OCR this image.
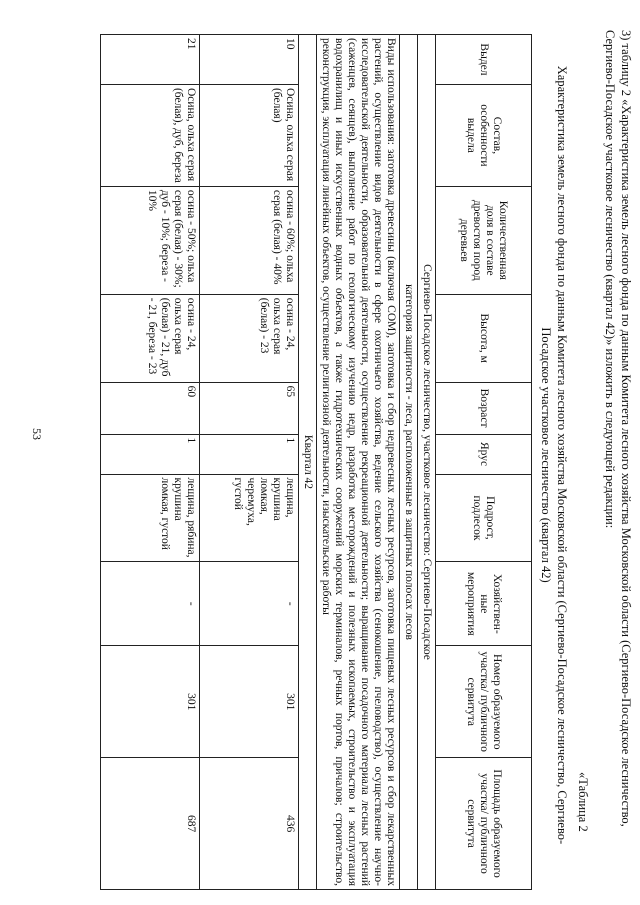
53	3) таблицу 2 «Характеристика земель лесного фонда по данным Комитета лесного хозяйства Московской области (Сергиево-Посадское лесничество, Сергиево-Посадское участковое лесничество (квартал 42)» изложить в следующей редакции:
«Таблица 2
Характеристика земель лесного фонда по данным Комитета лесного хозяйства Московской области (Сергиево-Посадское лесничество, Сергиево-Посадское участковое лесничество (квартал 42)
Выдел	Состав, особенности выдела	Количественная доля в составе древостоя пород деревьев	Высота, м	Возраст	Ярус	Подрост, подлесок	Хозяйствен-ные мероприятия	Номер образуемого участка/ публичного сервитута	Площадь образуемого участка/ публичного сервитута
Сергиево-Посадское лесничество, участковое лесничество: Сергиево-Посадское									
категория защитности - леса, расположенные в защитных полосах лесов									
Виды использования: заготовка древесины (включая СОМ), заготовка и сбор недревесных лесных ресурсов, заготовка пищевых лесных ресурсов и сбор лекарственных растений, осуществление видов деятельности в сфере охотничьего хозяйства, ведение сельского хозяйства (сенокошение, пчеловодство), осуществление научно-исследовательской деятельности, образовательной деятельности, осуществление рекреационной деятельности; выращивание посадочного материала лесных растений (саженцев, сеянцев), выполнение работ по геологическому изучению недр, разработка месторождений и полезных ископаемых, строительство и эксплуатация водохранилищ и иных искусственных водных объектов, а также гидротехнических сооружений морских терминалов, речных портов, причалов; строительство, реконструкция, эксплуатация линейных объектов, осуществление религиозной деятельности, изыскательские работы									
Квартал 42									
10	Осина, ольха серая (белая)	осина - 60%; ольха серая (белая) - 40%	осина - 24, ольха серая (белая) - 23	65	1	лещина, крушина ломкая, черемуха, густой	-	301	436
21	Осина, ольха серая (белая), дуб, береза	осина - 50%; ольха серая (белая) - 30%; дуб - 10%; береза - 10%	осина - 24, ольха серая (белая) - 21, дуб - 21, береза - 23	60	1	лещина, рябина, крушина ломкая, густой	-	301	687
